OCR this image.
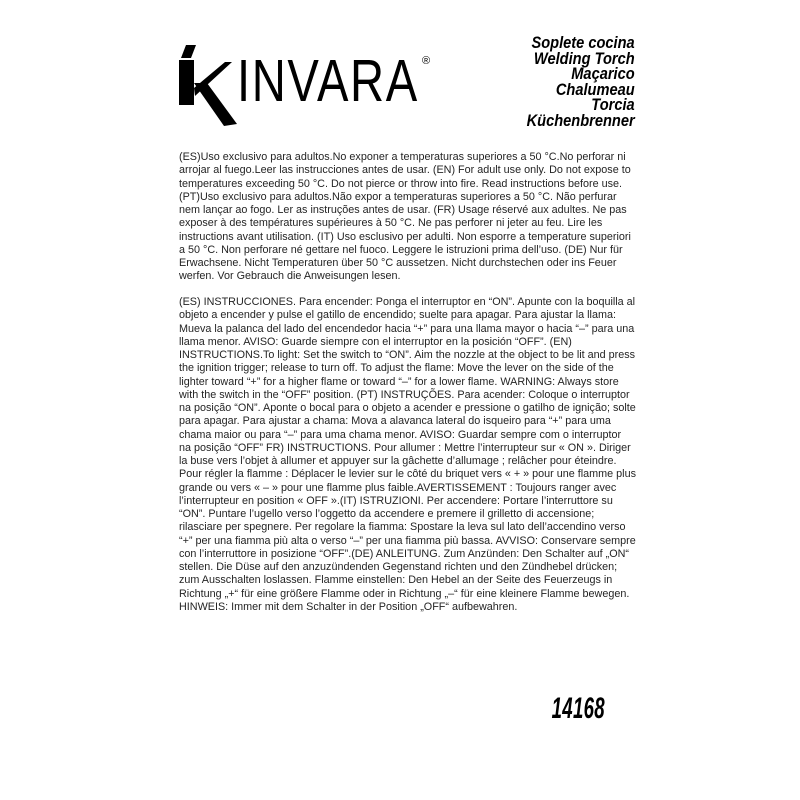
INVARA ®
Soplete cocina
Welding Torch
Maçarico
Chalumeau
Torcia
Küchenbrenner

(ES)Uso exclusivo para adultos.No exponer a temperaturas superiores a 50 °C.No perforar ni arrojar al fuego.Leer las instrucciones antes de usar. (EN) For adult use only. Do not expose to temperatures exceeding 50 °C. Do not pierce or throw into fire. Read instructions before use. (PT)Uso exclusivo para adultos.Não expor a temperaturas superiores a 50 °C. Não perfurar nem lançar ao fogo. Ler as instruções antes de usar. (FR) Usage réservé aux adultes. Ne pas exposer à des températures supérieures à 50 °C. Ne pas perforer ni jeter au feu. Lire les instructions avant utilisation. (IT) Uso esclusivo per adulti. Non esporre a temperature superiori a 50 °C. Non perforare né gettare nel fuoco. Leggere le istruzioni prima dell’uso. (DE) Nur für Erwachsene. Nicht Temperaturen über 50 °C aussetzen. Nicht durchstechen oder ins Feuer werfen. Vor Gebrauch die Anweisungen lesen.

(ES) INSTRUCCIONES. Para encender: Ponga el interruptor en “ON”. Apunte con la boquilla al objeto a encender y pulse el gatillo de encendido; suelte para apagar. Para ajustar la llama: Mueva la palanca del lado del encendedor hacia “+” para una llama mayor o hacia “–” para una llama menor. AVISO: Guarde siempre con el interruptor en la posición “OFF”. (EN) INSTRUCTIONS.To light: Set the switch to “ON”. Aim the nozzle at the object to be lit and press the ignition trigger; release to turn off. To adjust the flame: Move the lever on the side of the lighter toward “+” for a higher flame or toward “–” for a lower flame. WARNING: Always store with the switch in the “OFF” position. (PT) INSTRUÇÕES. Para acender: Coloque o interruptor na posição “ON”. Aponte o bocal para o objeto a acender e pressione o gatilho de ignição; solte para apagar. Para ajustar a chama: Mova a alavanca lateral do isqueiro para “+” para uma chama maior ou para “–” para uma chama menor. AVISO: Guardar sempre com o interruptor na posição “OFF” FR) INSTRUCTIONS. Pour allumer : Mettre l’interrupteur sur « ON ». Diriger la buse vers l’objet à allumer et appuyer sur la gâchette d’allumage ; relâcher pour éteindre. Pour régler la flamme : Déplacer le levier sur le côté du briquet vers « + » pour une flamme plus grande ou vers « – » pour une flamme plus faible.AVERTISSEMENT : Toujours ranger avec l’interrupteur en position « OFF ».(IT) ISTRUZIONI. Per accendere: Portare l’interruttore su “ON”. Puntare l’ugello verso l’oggetto da accendere e premere il grilletto di accensione; rilasciare per spegnere. Per regolare la fiamma: Spostare la leva sul lato dell’accendino verso “+” per una fiamma più alta o verso “–” per una fiamma più bassa. AVVISO: Conservare sempre con l’interruttore in posizione “OFF”.(DE) ANLEITUNG. Zum Anzünden: Den Schalter auf „ON“ stellen. Die Düse auf den anzuzündenden Gegenstand richten und den Zündhebel drücken; zum Ausschalten loslassen. Flamme einstellen: Den Hebel an der Seite des Feuerzeugs in Richtung „+“ für eine größere Flamme oder in Richtung „–“ für eine kleinere Flamme bewegen. HINWEIS: Immer mit dem Schalter in der Position „OFF“ aufbewahren.

14168
